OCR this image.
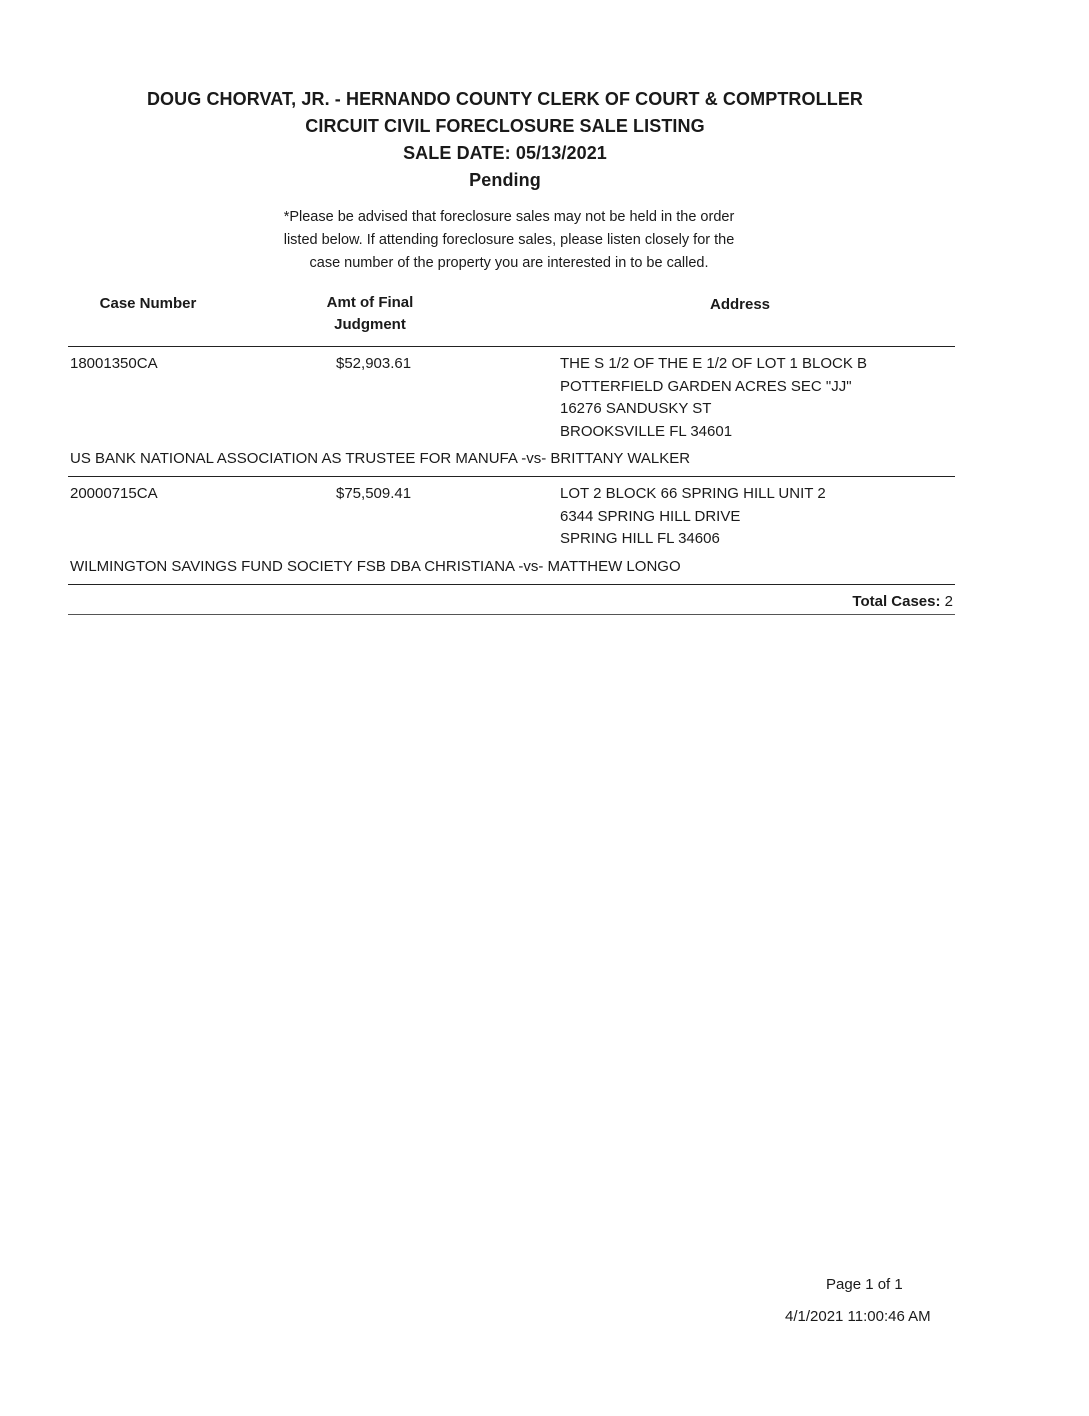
DOUG CHORVAT, JR. - HERNANDO COUNTY CLERK OF COURT & COMPTROLLER
CIRCUIT CIVIL FORECLOSURE SALE LISTING
SALE DATE: 05/13/2021
Pending
*Please be advised that foreclosure sales may not be held in the order
listed below. If attending foreclosure sales, please listen closely for the
case number of the property you are interested in to be called.
Case Number	Amt of Final
Judgment
Address
18001350CA	$52,903.61	THE S 1/2 OF THE E 1/2 OF LOT 1 BLOCK B
POTTERFIELD GARDEN ACRES SEC "JJ"
16276 SANDUSKY ST
BROOKSVILLE FL 34601
US BANK NATIONAL ASSOCIATION AS TRUSTEE FOR MANUFA -vs- BRITTANY WALKER
20000715CA	$75,509.41	LOT 2 BLOCK 66 SPRING HILL UNIT 2
6344 SPRING HILL DRIVE
SPRING HILL FL 34606
WILMINGTON SAVINGS FUND SOCIETY FSB DBA CHRISTIANA -vs- MATTHEW LONGO
Total Cases: 2
Page 1 of 1
4/1/2021 11:00:46 AM
